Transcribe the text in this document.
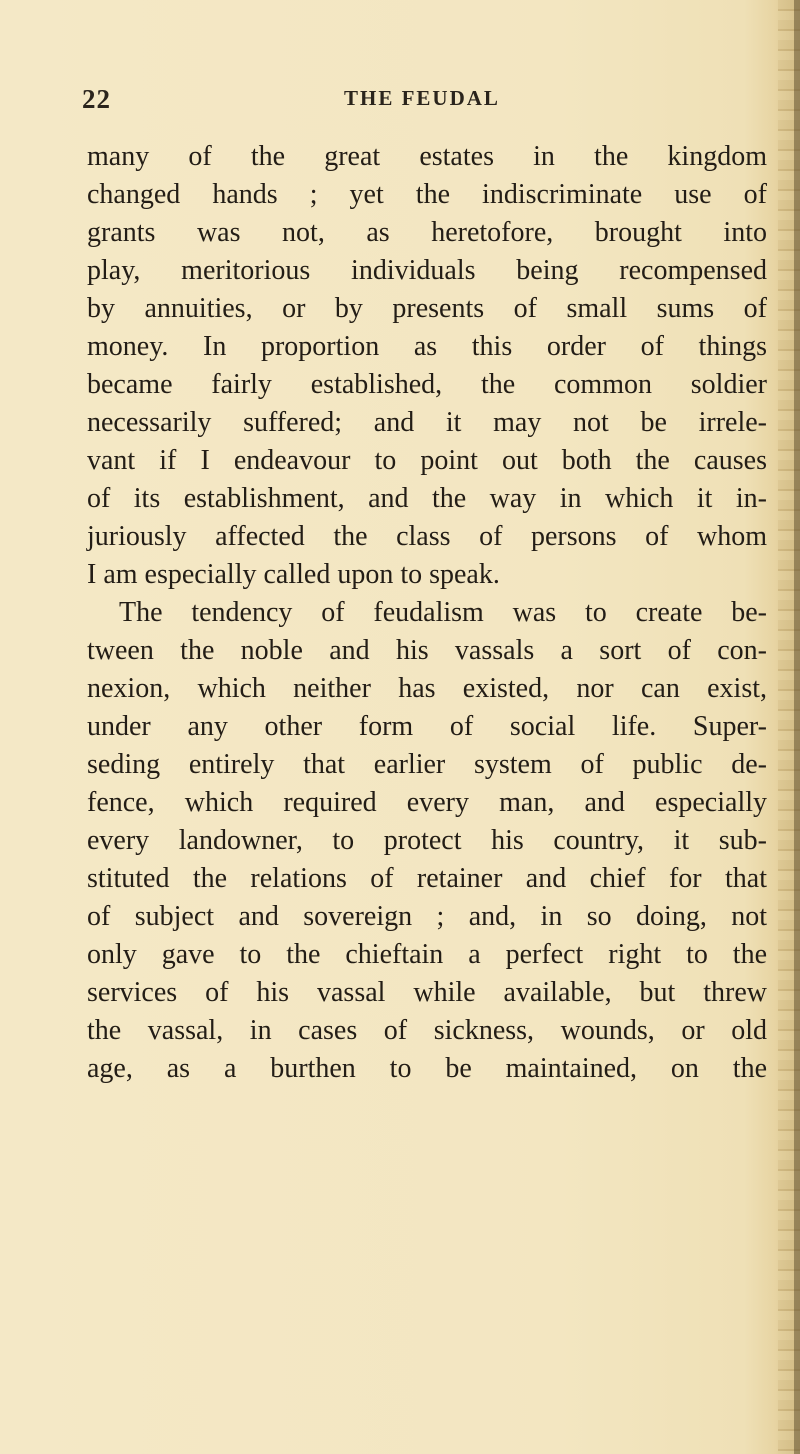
22	THE FEUDAL
many of the great estates in the kingdom
changed hands ; yet the indiscriminate use of
grants was not, as heretofore, brought into
play, meritorious individuals being recompensed
by annuities, or by presents of small sums of
money. In proportion as this order of things
became fairly established, the common soldier
necessarily suffered; and it may not be irrele-
vant if I endeavour to point out both the causes
of its establishment, and the way in which it in-
juriously affected the class of persons of whom
I am especially called upon to speak.
The tendency of feudalism was to create be-
tween the noble and his vassals a sort of con-
nexion, which neither has existed, nor can exist,
under any other form of social life. Super-
seding entirely that earlier system of public de-
fence, which required every man, and especially
every landowner, to protect his country, it sub-
stituted the relations of retainer and chief for that
of subject and sovereign ; and, in so doing, not
only gave to the chieftain a perfect right to the
services of his vassal while available, but threw
the vassal, in cases of sickness, wounds, or old
age, as a burthen to be maintained, on the
